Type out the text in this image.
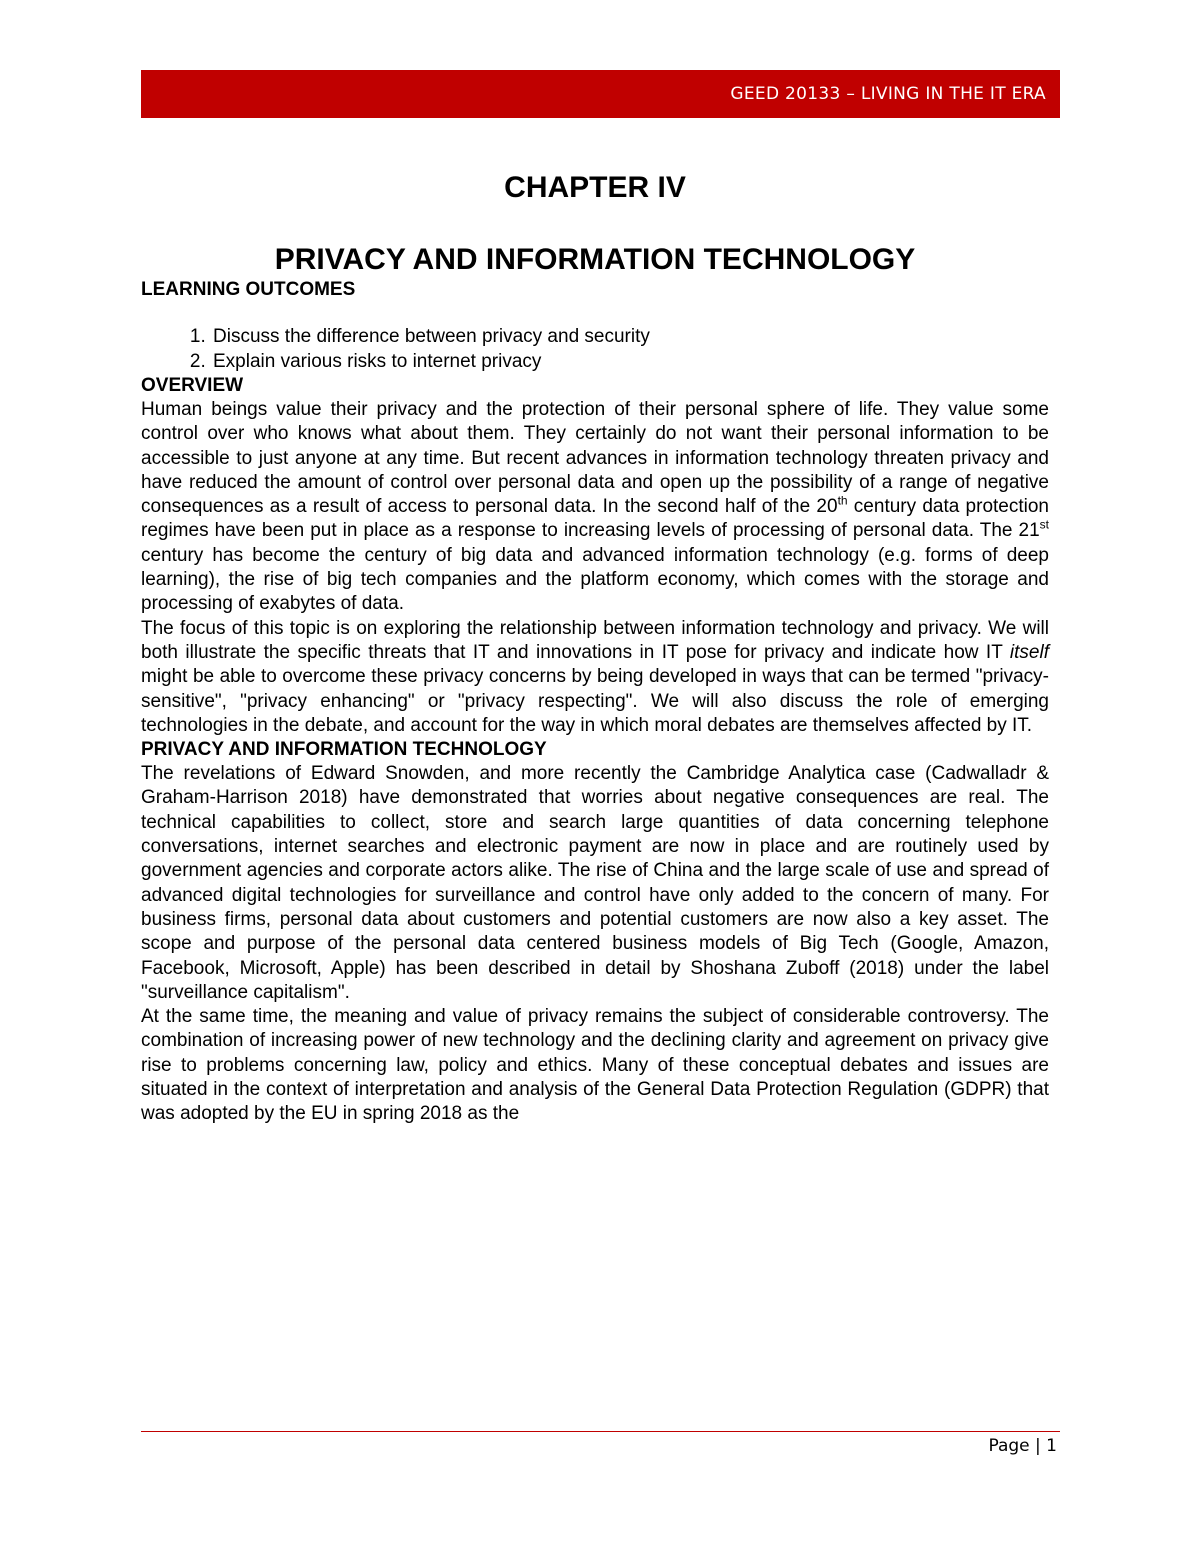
GEED 20133 – LIVING IN THE IT ERA
CHAPTER IV
PRIVACY AND INFORMATION TECHNOLOGY
LEARNING OUTCOMES
1. Discuss the difference between privacy and security
2. Explain various risks to internet privacy
OVERVIEW

Human beings value their privacy and the protection of their personal sphere of life. They value some control over who knows what about them. They certainly do not want their personal information to be accessible to just anyone at any time. But recent advances in information technology threaten privacy and have reduced the amount of control over personal data and open up the possibility of a range of negative consequences as a result of access to personal data. In the second half of the 20th century data protection regimes have been put in place as a response to increasing levels of processing of personal data. The 21st century has become the century of big data and advanced information technology (e.g. forms of deep learning), the rise of big tech companies and the platform economy, which comes with the storage and processing of exabytes of data.

The focus of this topic is on exploring the relationship between information technology and privacy. We will both illustrate the specific threats that IT and innovations in IT pose for privacy and indicate how IT itself might be able to overcome these privacy concerns by being developed in ways that can be termed "privacy-sensitive", "privacy enhancing" or "privacy respecting". We will also discuss the role of emerging technologies in the debate, and account for the way in which moral debates are themselves affected by IT.

PRIVACY AND INFORMATION TECHNOLOGY

The revelations of Edward Snowden, and more recently the Cambridge Analytica case (Cadwalladr & Graham-Harrison 2018) have demonstrated that worries about negative consequences are real. The technical capabilities to collect, store and search large quantities of data concerning telephone conversations, internet searches and electronic payment are now in place and are routinely used by government agencies and corporate actors alike. The rise of China and the large scale of use and spread of advanced digital technologies for surveillance and control have only added to the concern of many. For business firms, personal data about customers and potential customers are now also a key asset. The scope and purpose of the personal data centered business models of Big Tech (Google, Amazon, Facebook, Microsoft, Apple) has been described in detail by Shoshana Zuboff (2018) under the label "surveillance capitalism".

At the same time, the meaning and value of privacy remains the subject of considerable controversy. The combination of increasing power of new technology and the declining clarity and agreement on privacy give rise to problems concerning law, policy and ethics. Many of these conceptual debates and issues are situated in the context of interpretation and analysis of the General Data Protection Regulation (GDPR) that was adopted by the EU in spring 2018 as the

Page | 1
